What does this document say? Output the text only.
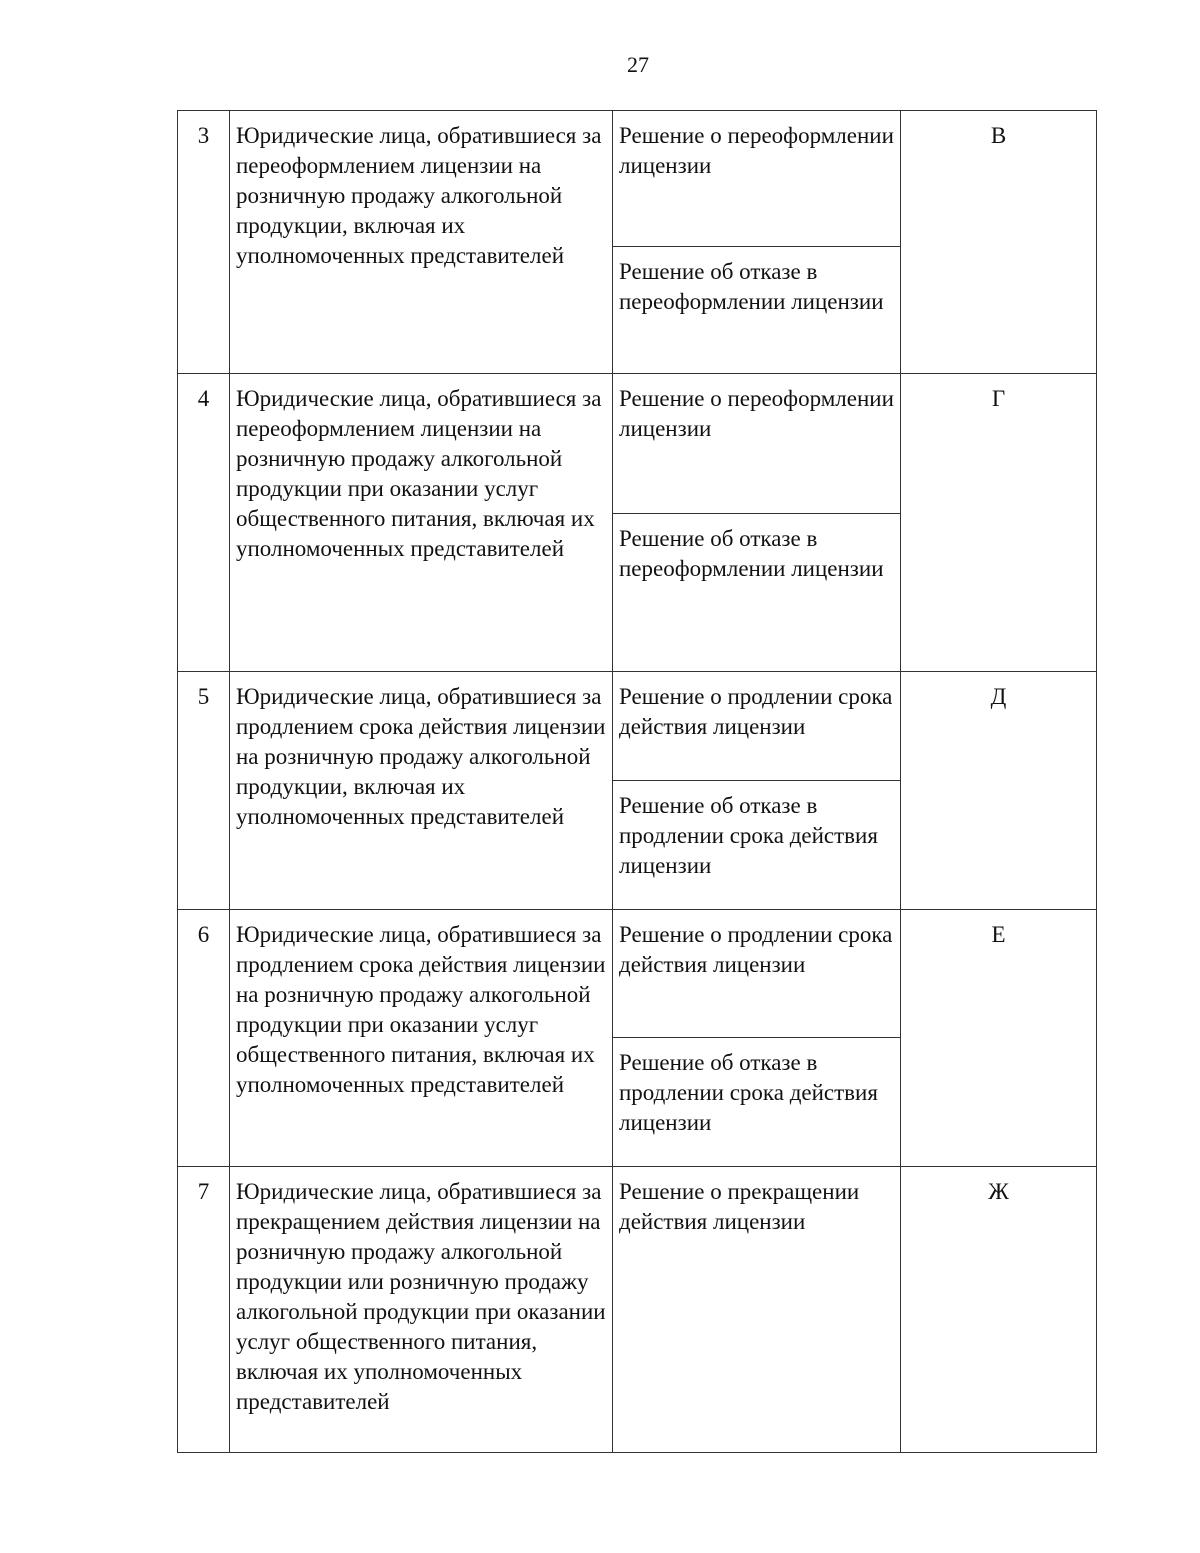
27
3	Юридические лица, обратившиеся за переоформлением лицензии на розничную продажу алкогольной продукции, включая их уполномоченных представителей	Решение о переоформлении лицензии	В
		Решение об отказе в переоформлении лицензии	
4	Юридические лица, обратившиеся за переоформлением лицензии на розничную продажу алкогольной продукции при оказании услуг общественного питания, включая их уполномоченных представителей	Решение о переоформлении лицензии	Г
		Решение об отказе в переоформлении лицензии	
5	Юридические лица, обратившиеся за продлением срока действия лицензии на розничную продажу алкогольной продукции, включая их уполномоченных представителей	Решение о продлении срока действия лицензии	Д
		Решение об отказе в продлении срока действия лицензии	
6	Юридические лица, обратившиеся за продлением срока действия лицензии на розничную продажу алкогольной продукции при оказании услуг общественного питания, включая их уполномоченных представителей	Решение о продлении срока действия лицензии	Е
		Решение об отказе в продлении срока действия лицензии	
7	Юридические лица, обратившиеся за прекращением действия лицензии на розничную продажу алкогольной продукции или розничную продажу алкогольной продукции при оказании услуг общественного питания, включая их уполномоченных представителей	Решение о прекращении действия лицензии	Ж
